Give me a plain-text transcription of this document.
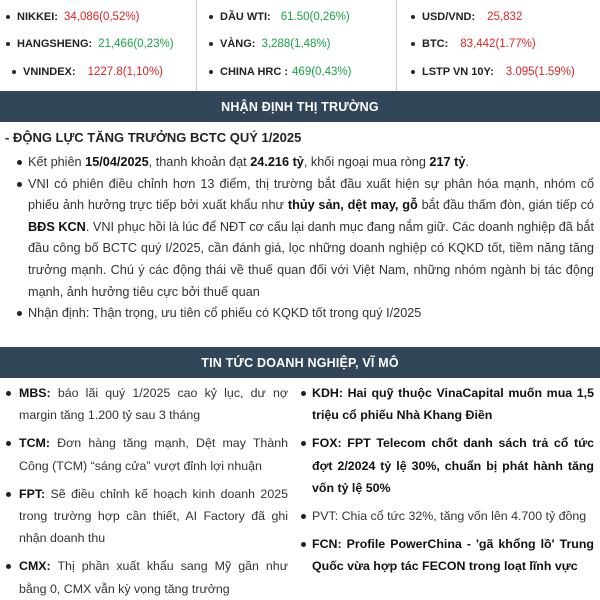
NIKKEI: 34,086(0,52%)
HANGSHENG: 21,466(0,23%)
VNINDEX: 1227.8(1,10%)
DẦU WTI: 61.50(0,26%)
VÀNG: 3,288(1,48%)
CHINA HRC : 469(0,43%)
USD/VND: 25,832
BTC: 83,442(1.77%)
LSTP VN 10Y: 3.095(1.59%)
NHẬN ĐỊNH THỊ TRƯỜNG
- ĐỘNG LỰC TĂNG TRƯỞNG BCTC QUÝ 1/2025
Kết phiên 15/04/2025, thanh khoản đạt 24.216 tỷ, khối ngoại mua ròng 217 tỷ.
VNI có phiên điều chỉnh hơn 13 điểm, thị trường bắt đầu xuất hiện sự phân hóa mạnh, nhóm cổ phiếu ảnh hưởng trực tiếp bởi xuất khẩu như thủy sản, dệt may, gỗ bắt đầu thấm đòn, gián tiếp có BĐS KCN. VNI phục hồi là lúc để NĐT cơ cấu lại danh mục đang nắm giữ. Các doanh nghiệp đã bắt đầu công bố BCTC quý I/2025, cần đánh giá, lọc những doanh nghiệp có KQKD tốt, tiềm năng tăng trưởng mạnh. Chú ý các động thái về thuế quan đối với Việt Nam, những nhóm ngành bị tác động mạnh, ảnh hưởng tiêu cực bởi thuế quan
Nhận định: Thận trọng, ưu tiên cổ phiếu có KQKD tốt trong quý I/2025
TIN TỨC DOANH NGHIỆP, VĨ MÔ
MBS: báo lãi quý 1/2025 cao kỷ lục, dư nợ margin tăng 1.200 tỷ sau 3 tháng
TCM: Đơn hàng tăng mạnh, Dệt may Thành Công (TCM) “sáng cửa” vượt đỉnh lợi nhuận
FPT: Sẽ điều chỉnh kế hoạch kinh doanh 2025 trong trường hợp cần thiết, AI Factory đã ghi nhận doanh thu
CMX: Thị phần xuất khẩu sang Mỹ gần như bằng 0, CMX vẫn kỳ vọng tăng trưởng
KDH: Hai quỹ thuộc VinaCapital muốn mua 1,5 triệu cổ phiếu Nhà Khang Điền
FOX: FPT Telecom chốt danh sách trả cổ tức đợt 2/2024 tỷ lệ 30%, chuẩn bị phát hành tăng vốn tỷ lệ 50%
PVT: Chia cổ tức 32%, tăng vốn lên 4.700 tỷ đồng
FCN: Profile PowerChina - 'gã khổng lồ' Trung Quốc vừa hợp tác FECON trong loạt lĩnh vực
